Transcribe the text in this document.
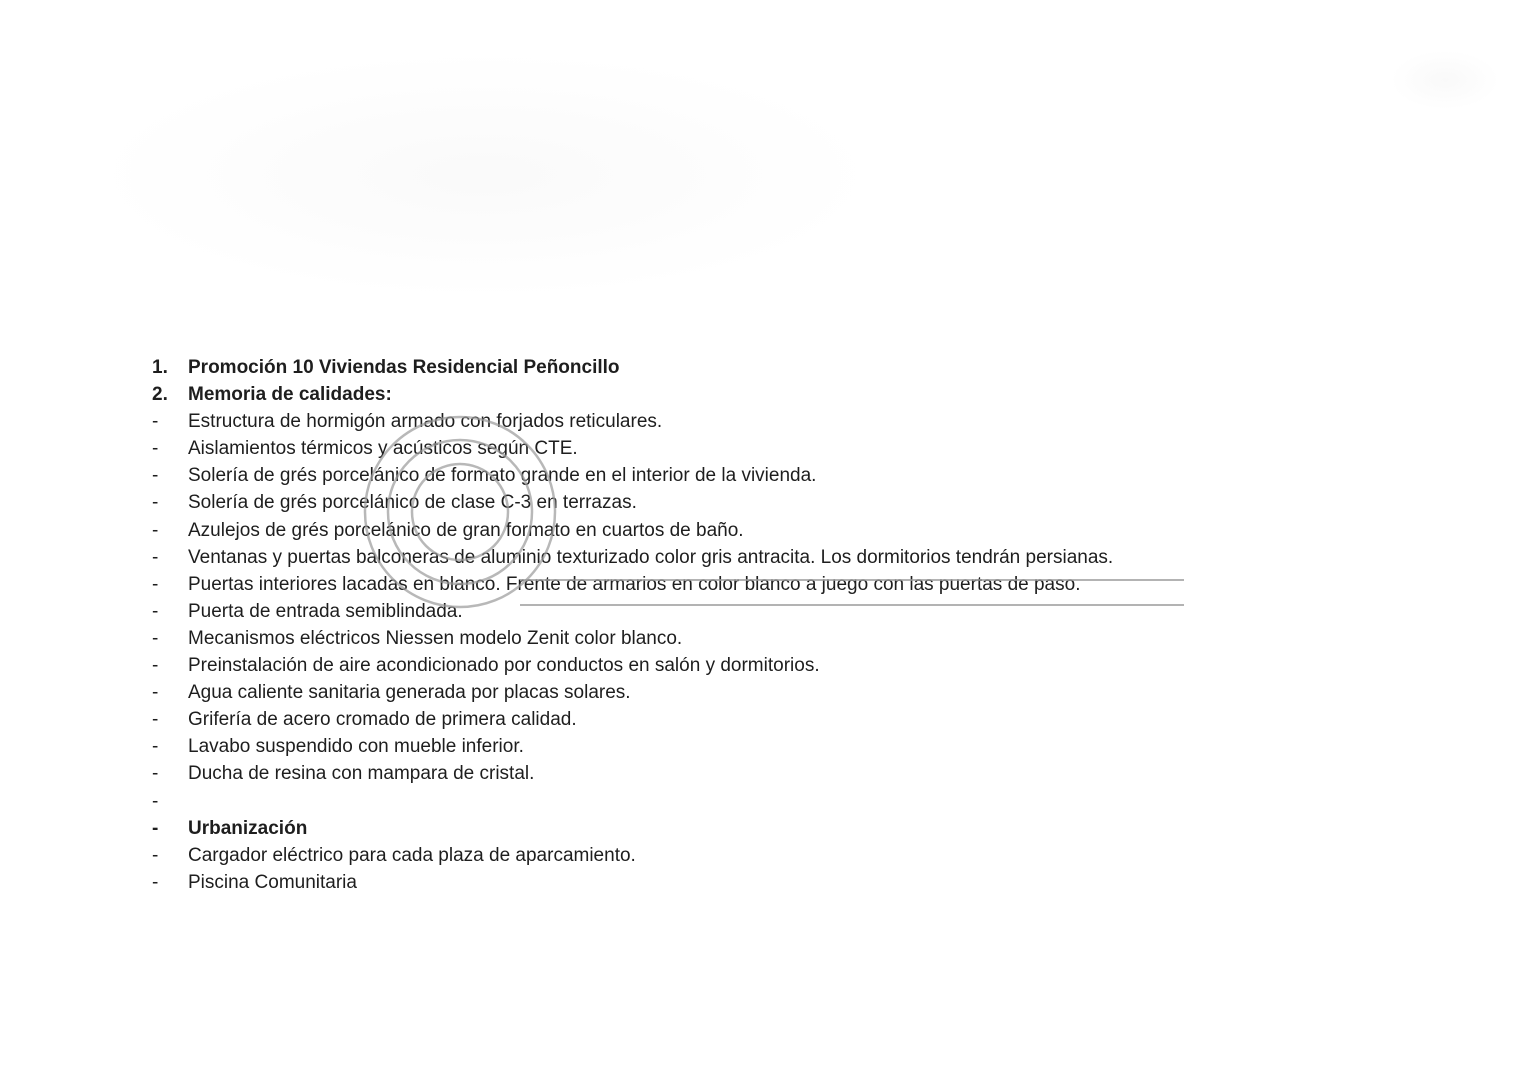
1.	Promoción 10 Viviendas Residencial Peñoncillo
2.	Memoria de calidades:
-	Estructura de hormigón armado con forjados reticulares.
-	Aislamientos térmicos y acústicos según CTE.
-	Solería de grés porcelánico de formato grande en el interior de la vivienda.
-	Solería de grés porcelánico de clase C-3 en terrazas.
-	Azulejos de grés porcelánico de gran formato en cuartos de baño.
-	Ventanas y puertas balconeras de aluminio texturizado color gris antracita. Los dormitorios tendrán persianas.
-	Puertas interiores lacadas en blanco. Frente de armarios en color blanco a juego con las puertas de paso.
-	Puerta de entrada semiblindada.
-	Mecanismos eléctricos Niessen modelo Zenit color blanco.
-	Preinstalación de aire acondicionado por conductos en salón y dormitorios.
-	Agua caliente sanitaria generada por placas solares.
-	Grifería de acero cromado de primera calidad.
-	Lavabo suspendido con mueble inferior.
-	Ducha de resina con mampara de cristal.
-
-	Urbanización
-	Cargador eléctrico para cada plaza de aparcamiento.
-	Piscina Comunitaria
